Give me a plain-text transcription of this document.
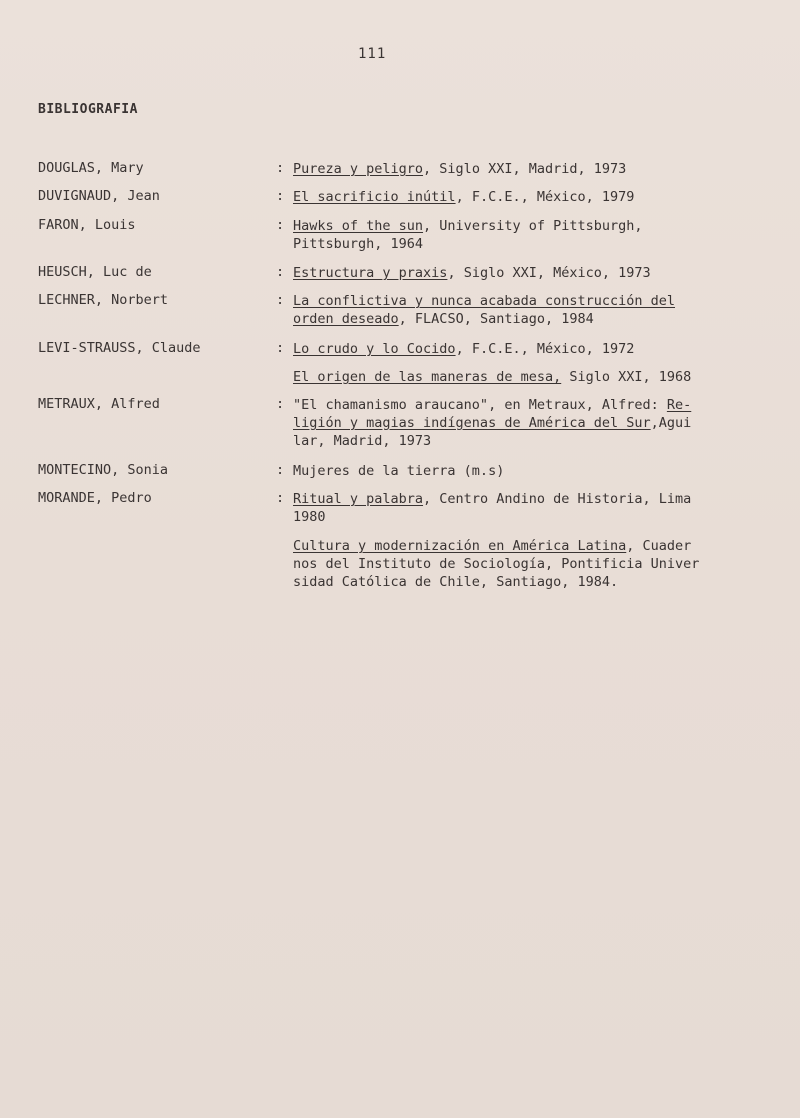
111
BIBLIOGRAFIA
DOUGLAS, Mary	: Pureza y peligro, Siglo XXI, Madrid, 1973
DUVIGNAUD, Jean	: El sacrificio inútil, F.C.E., México, 1979
FARON, Louis	: Hawks of the sun, University of Pittsburgh,
Pittsburgh, 1964
HEUSCH, Luc de	: Estructura y praxis, Siglo XXI, México, 1973
LECHNER, Norbert	: La conflictiva y nunca acabada construcción del
orden deseado, FLACSO, Santiago, 1984
LEVI-STRAUSS, Claude	: Lo crudo y lo Cocido, F.C.E., México, 1972
El origen de las maneras de mesa, Siglo XXI, 1968
METRAUX, Alfred	: "El chamanismo araucano", en Metraux, Alfred: Re-
ligión y magias indígenas de América del Sur,Agui
lar, Madrid, 1973
MONTECINO, Sonia	: Mujeres de la tierra (m.s)
MORANDE, Pedro	: Ritual y palabra, Centro Andino de Historia, Lima
1980
Cultura y modernización en América Latina, Cuader
nos del Instituto de Sociología, Pontificia Univer
sidad Católica de Chile, Santiago, 1984.
